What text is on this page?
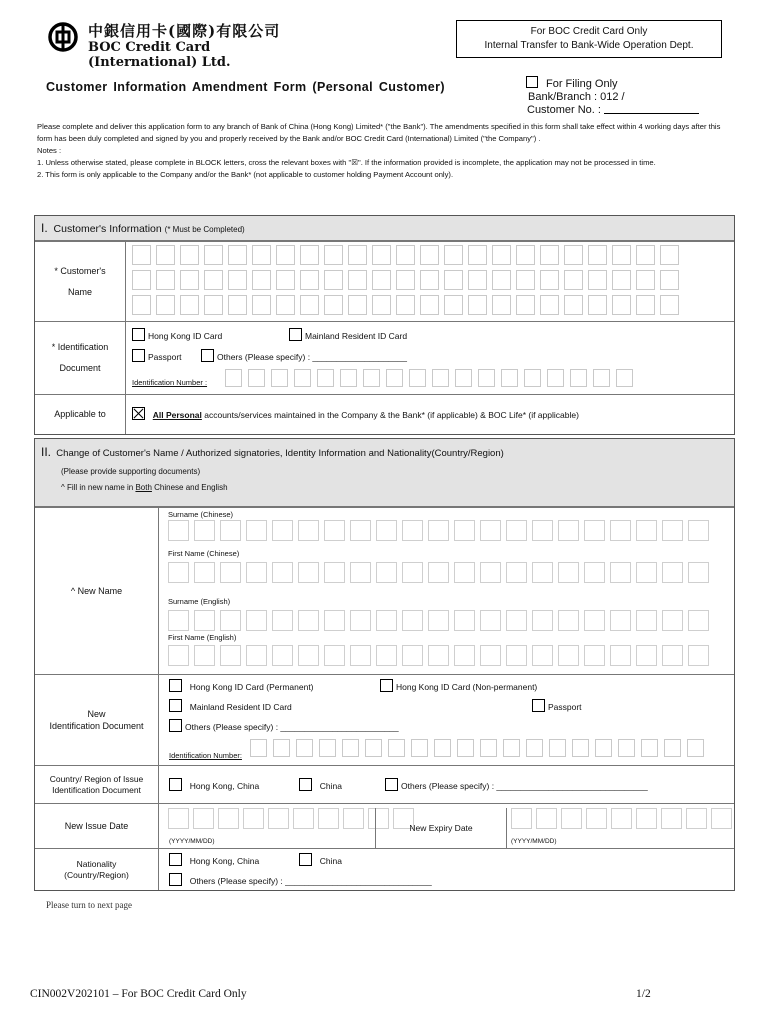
中銀信用卡(國際)有限公司
BOC Credit Card (International) Ltd.
For BOC Credit Card Only
Internal Transfer to Bank-Wide Operation Dept.
Customer Information Amendment Form (Personal Customer)	For Filing Only
Bank/Branch : 012 /
Customer No. :

Please complete and deliver this application form to any branch of Bank of China (Hong Kong) Limited* ("the Bank"). The amendments specified in this form shall take effect within 4 working days after this form has been duly completed and signed by you and properly received by the Bank and/or BOC Credit Card (International) Limited ("the Company") .

Notes :

1. Unless otherwise stated, please complete in BLOCK letters, cross the relevant boxes with "☒". If the information provided is incomplete, the application may not be processed in time.

2. This form is only applicable to the Company and/or the Bank* (not applicable to customer holding Payment Account only).

I. Customer's Information (* Must be Completed)
* Customer's
Name
* Identification
Document
Hong Kong ID Card	Mainland Resident ID Card
Passport	Others (Please specify) : ____________________
Identification Number :
Applicable to	All Personal accounts/services maintained in the Company & the Bank* (if applicable) & BOC Life* (if applicable)
II. Change of Customer's Name / Authorized signatories, Identity Information and Nationality(Country/Region)
(Please provide supporting documents)
^ Fill in new name in Both Chinese and English
^ New Name
Surname (Chinese)
First Name (Chinese)
Surname (English)
First Name (English)
New
Identification Document
Hong Kong ID Card (Permanent)	Hong Kong ID Card (Non-permanent)
Mainland Resident ID Card	Passport
Others (Please specify) : _________________________
Identification Number:
Country/ Region of Issue
Identification Document	Hong Kong, China	China	Others (Please specify) : ________________________________
New Issue Date
(YYYY/MM/DD)
New Expiry Date
(YYYY/MM/DD)
Nationality
(Country/Region)
Hong Kong, China	China
Others (Please specify) : _______________________________
Please turn to next page
CIN002V202101 – For BOC Credit Card Only	1/2
